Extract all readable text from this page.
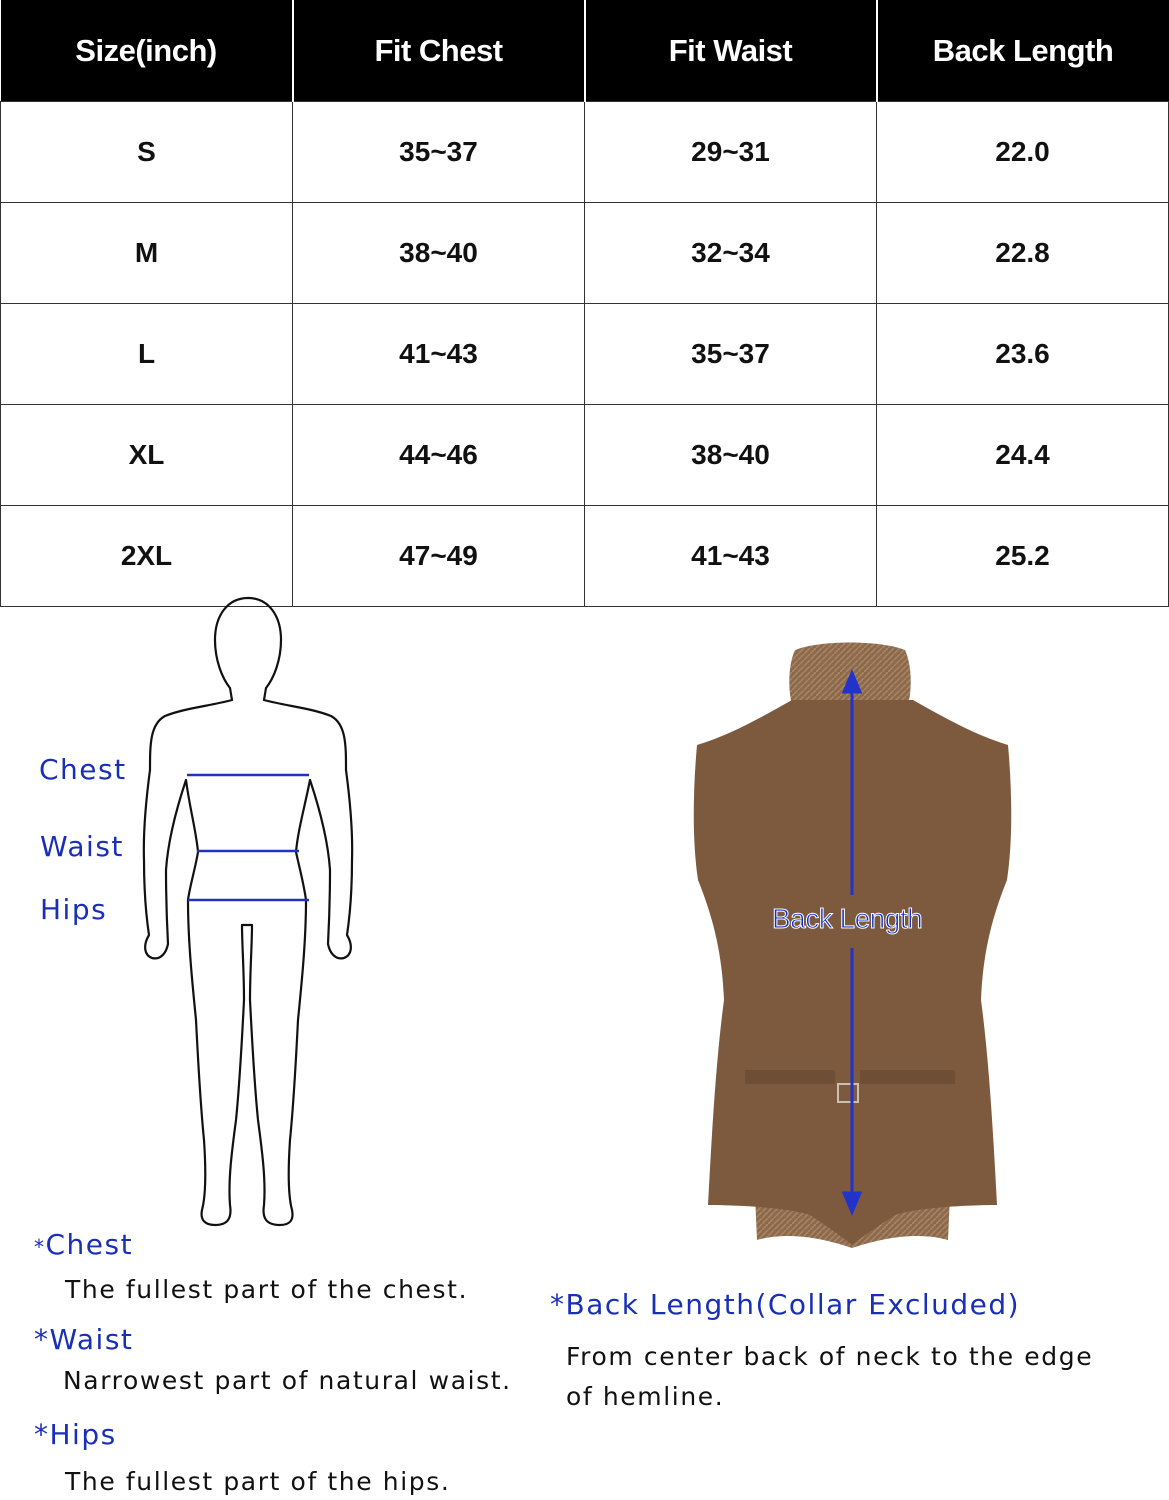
Size(inch)	Fit Chest	Fit Waist	Back Length
S	35~37	29~31	22.0
M	38~40	32~34	22.8
L	41~43	35~37	23.6
XL	44~46	38~40	24.4
2XL	47~49	41~43	25.2
Chest
Waist
Hips	Back Length
*Chest
The fullest part of the chest.
*Waist
Narrowest part of natural waist.
*Hips
The fullest part of the hips.
*Back Length(Collar Excluded)
From center back of neck to the edge
of hemline.
